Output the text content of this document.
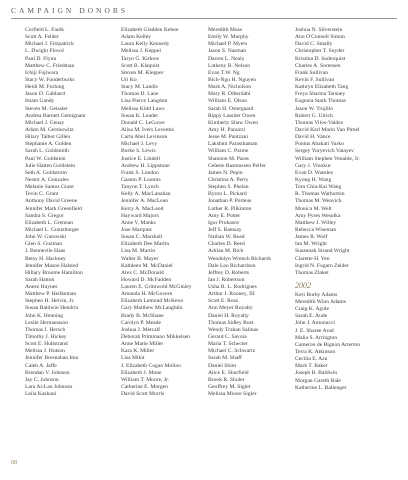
CAMPAIGN DONORS
Corfield L. Faulk
Scott A. Felder
Michael J. Fitzpatrick
L. Dwight Flowd
Paul D. Flynn
Matthew C. Friedman
Ichiji Fujiwara
Stacy W. Funderburks
Heidi M. Furlong
Jason D. Gabbard
Imam Gandy
Steven M. Geissler
Andrea Barnett Gemignani
Michael J. Genay
Adam M. Gershowitz
Hilary Talbot Gillen
Stephanie A. Golden
Sarah L. Goldsmith
Paul W. Goldstein
Julie Hatten Goldstein
Seth A. Goldstrom
Nestor A. Gonzales
Melanie Santos Grant
Tevin C. Grant
Anthony David Greene
Jennifer Mark Greenfield
Sandra S. Gregor
Elizabeth L. Grennan
Michael L. Guntzburger
John W. Gutowski
Glen S. Guzman
J. Bennevile Haas
Betsy H. Hackney
Jennifer Mason Halsted
Hillary Broome Hamilton
Sarah Hatton
Aneez Haynes
Matthew P. Heilkeman
Stephen H. Helvin, Jr.
Susan Baldwin Hendrix
John K. Henning
Leslie Hermansson
Thomas J. Hersch
Timothy J. Hickey
Scott E. Hultstrand
Melissa J. Hutson
Jennifer Bresnahan Imo
Caleb A. Jaffe
Brendan V. Johnson
Jay C. Johnson
Lara Ai-Lan Johnson
Leila Kashani
Elizabeth Gladden Kehoe
Adam Kelley
Laura Kelly Kennedy
Melissa J. Keppel
Taryn G. Kirkow
Scott B. Klaquist
Steven M. Klepper
Uri Ko
Stacy M. Landis
Thomas D. Lane
Lisa Pierce Langdon
Melissa Kidd Laws
Susan K. Leader
Donald C. LeGowe
Alisa M. Ivers Leventis
Carla Abel Levinson
Michael J. Levy
Burke S. Lewis
Justice E. Lindell
Andrew H. Lippstone
Frank S. London
Gaston P. Loomis
Tanyon T. Lynch
Kelly A. MacLanahan
Jennifer A. MacLean
Kerry A. MacLeod
Hayward Majors
Anne V. Manks
Jose Marquez
Susan C. Marshall
Elizabeth Dee Martin
Lisa M. Martin
Walter B. Mayer
Kathleen M. McDaniel
Alex C. McDonald
Howard D. McFadden
Lauren E. Grimwold McGinley
Amanda H. McGovern
Elizabeth Lemond McKeon
Gary Matthew McLaughlin
Brady B. McShane
Carolyn P. Meade
Joshua J. Metcalf
Deborah Primmano Mikkelsen
Anne Marie Miller
Kara K. Miller
Lisa Mikit
J. Elizabeth Cogan Molino
Elizabeth J. Mone
William T. Moore, Jr.
Catherine E. Morgen
David Scott Morris
Meredith Moss
Emily W. Murphy
Michael P. Myers
Jason S. Nasman
Darren L. Nealy
Latheny B. Nelson
Evan T.W. Ng
Bich-Ngu H. Nguyen
Mark A. Nicholson
Mary R. Olberdahl
William E. Olson
Sarah H. Ostergaard
Rippy Lassiter Owen
Kimberly Shaw Owen
Amy H. Panuzzi
Jesse M. Pantzani
Lakshmi Parasthaman
William C. Parme
Shannon M. Paras
Celeste Rasmussen Peifer
James N. Pepin
Christina A. Perry
Stephen S. Phelan
Byron L. Pickard
Jonathan P. Porteus
Luther R. Pilkinton
Amy E. Potter
Igor Prokasov
Jeff S. Ramsay
Nathan W. Read
Charles D. Reed
Adrian M. Rich
Wendolyn Wrench Richards
Dale Leo Richardson
Jeffrey D. Roberts
Ian J. Robertson
Usha R. L. Rodrigues
Arthur J. Rooney, III
Scott E. Ross
Ann Meyer Royalty
Daniel H. Royalty
Thomas Sidley Rust
Wendy Trahan Salinas
Gerard C. Savoia
Maria T. Schecter
Michael C. Schwartz
Sarah M. Shaff
Daniel Shim
Alice E. Shurfield
Brook R. Shuler
Geoffrey M. Sigler
Melissa Moore Sigler
Joshua N. Silverstein
Ann O'Connell Simon
David C. Smally
Christopher T. Snyder
Kristina D. Soderquist
Charles A. Sorensen
Frank Sullivan
Kevin F. Sullivan
Kathryn Elizabeth Tang
Freya Sharma Tarsney
Eugenia Stark Thomas
Jason W. Trujillo
Robert G. Ulrich
Thomas Vilos-Valdez
David Karl Marin Van Pimel
David H. Vance
Pontus Abakari Varko
Sergey Yuryevich Vatayev
William Stephen Venable, Jr.
Gary J. Vinokur
Evan D. Waesley
Kyong H. Wang
Tom Chia-Kai Wang
R. Thomas Warburton
Thomas M. Weavich
Monica M. Welt
Amy Pyres Wesolka
Matthew J. Willey
Rebecca Wiseman
James R. Wolf
Ian M. Wright
Susannah Strand Wright
Clarette H. Yen
Ingrid N. Fogarn Zeider
Thomas Zlaket
2002
Keri Burby Adams
Meredith Winn Adams
Craig K. Agule
Sarah E. Aude
John J. Antonucci
J. E. Sharee Arad
Malia S. Arrington
Cameron de Bignon Arterton
Terra K. Atkinson
Cecilia E. Azu
Mark T. Baker
Joseph B. Baldwin
Morgan Gareth Bale
Katherine L. Ballenger
68
